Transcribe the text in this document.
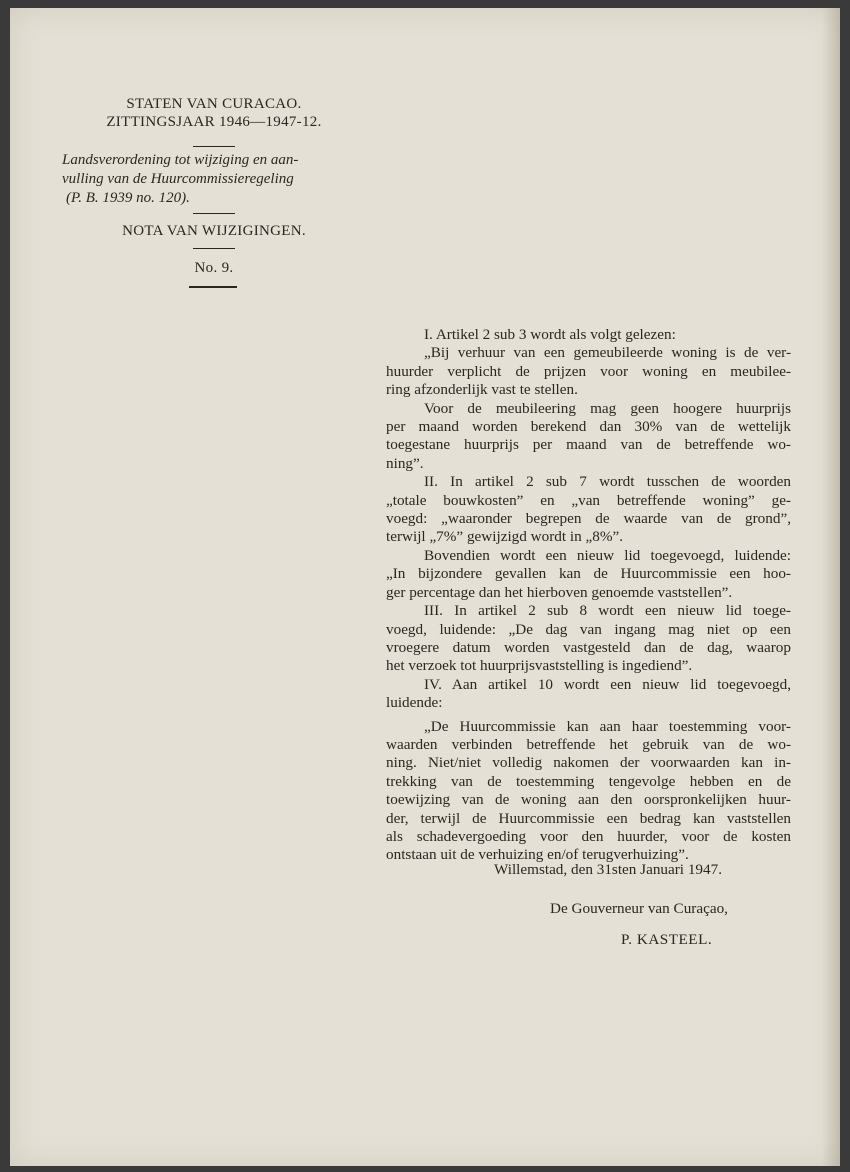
STATEN VAN CURACAO.
ZITTINGSJAAR 1946—1947-12.
Landsverordening tot wijziging en aan-
vulling van de Huurcommissieregeling
(P. B. 1939 no. 120).
NOTA VAN WIJZIGINGEN.
No. 9.
I. Artikel 2 sub 3 wordt als volgt gelezen:
„Bij verhuur van een gemeubileerde woning is de ver-
huurder verplicht de prijzen voor woning en meubilee-
ring afzonderlijk vast te stellen.
Voor de meubileering mag geen hoogere huurprijs
per maand worden berekend dan 30% van de wettelijk
toegestane huurprijs per maand van de betreffende wo-
ning”.
II. In artikel 2 sub 7 wordt tusschen de woorden
„totale bouwkosten” en „van betreffende woning” ge-
voegd: „waaronder begrepen de waarde van de grond”,
terwijl „7%” gewijzigd wordt in „8%”.
Bovendien wordt een nieuw lid toegevoegd, luidende:
„In bijzondere gevallen kan de Huurcommissie een hoo-
ger percentage dan het hierboven genoemde vaststellen”.
III. In artikel 2 sub 8 wordt een nieuw lid toege-
voegd, luidende: „De dag van ingang mag niet op een
vroegere datum worden vastgesteld dan de dag, waarop
het verzoek tot huurprijsvaststelling is ingediend”.
IV. Aan artikel 10 wordt een nieuw lid toegevoegd,
luidende:
„De Huurcommissie kan aan haar toestemming voor-
waarden verbinden betreffende het gebruik van de wo-
ning. Niet/niet volledig nakomen der voorwaarden kan in-
trekking van de toestemming tengevolge hebben en de
toewijzing van de woning aan den oorspronkelijken huur-
der, terwijl de Huurcommissie een bedrag kan vaststellen
als schadevergoeding voor den huurder, voor de kosten
ontstaan uit de verhuizing en/of terugverhuizing”.
Willemstad, den 31sten Januari 1947.
De Gouverneur van Curaçao,
P. KASTEEL.
